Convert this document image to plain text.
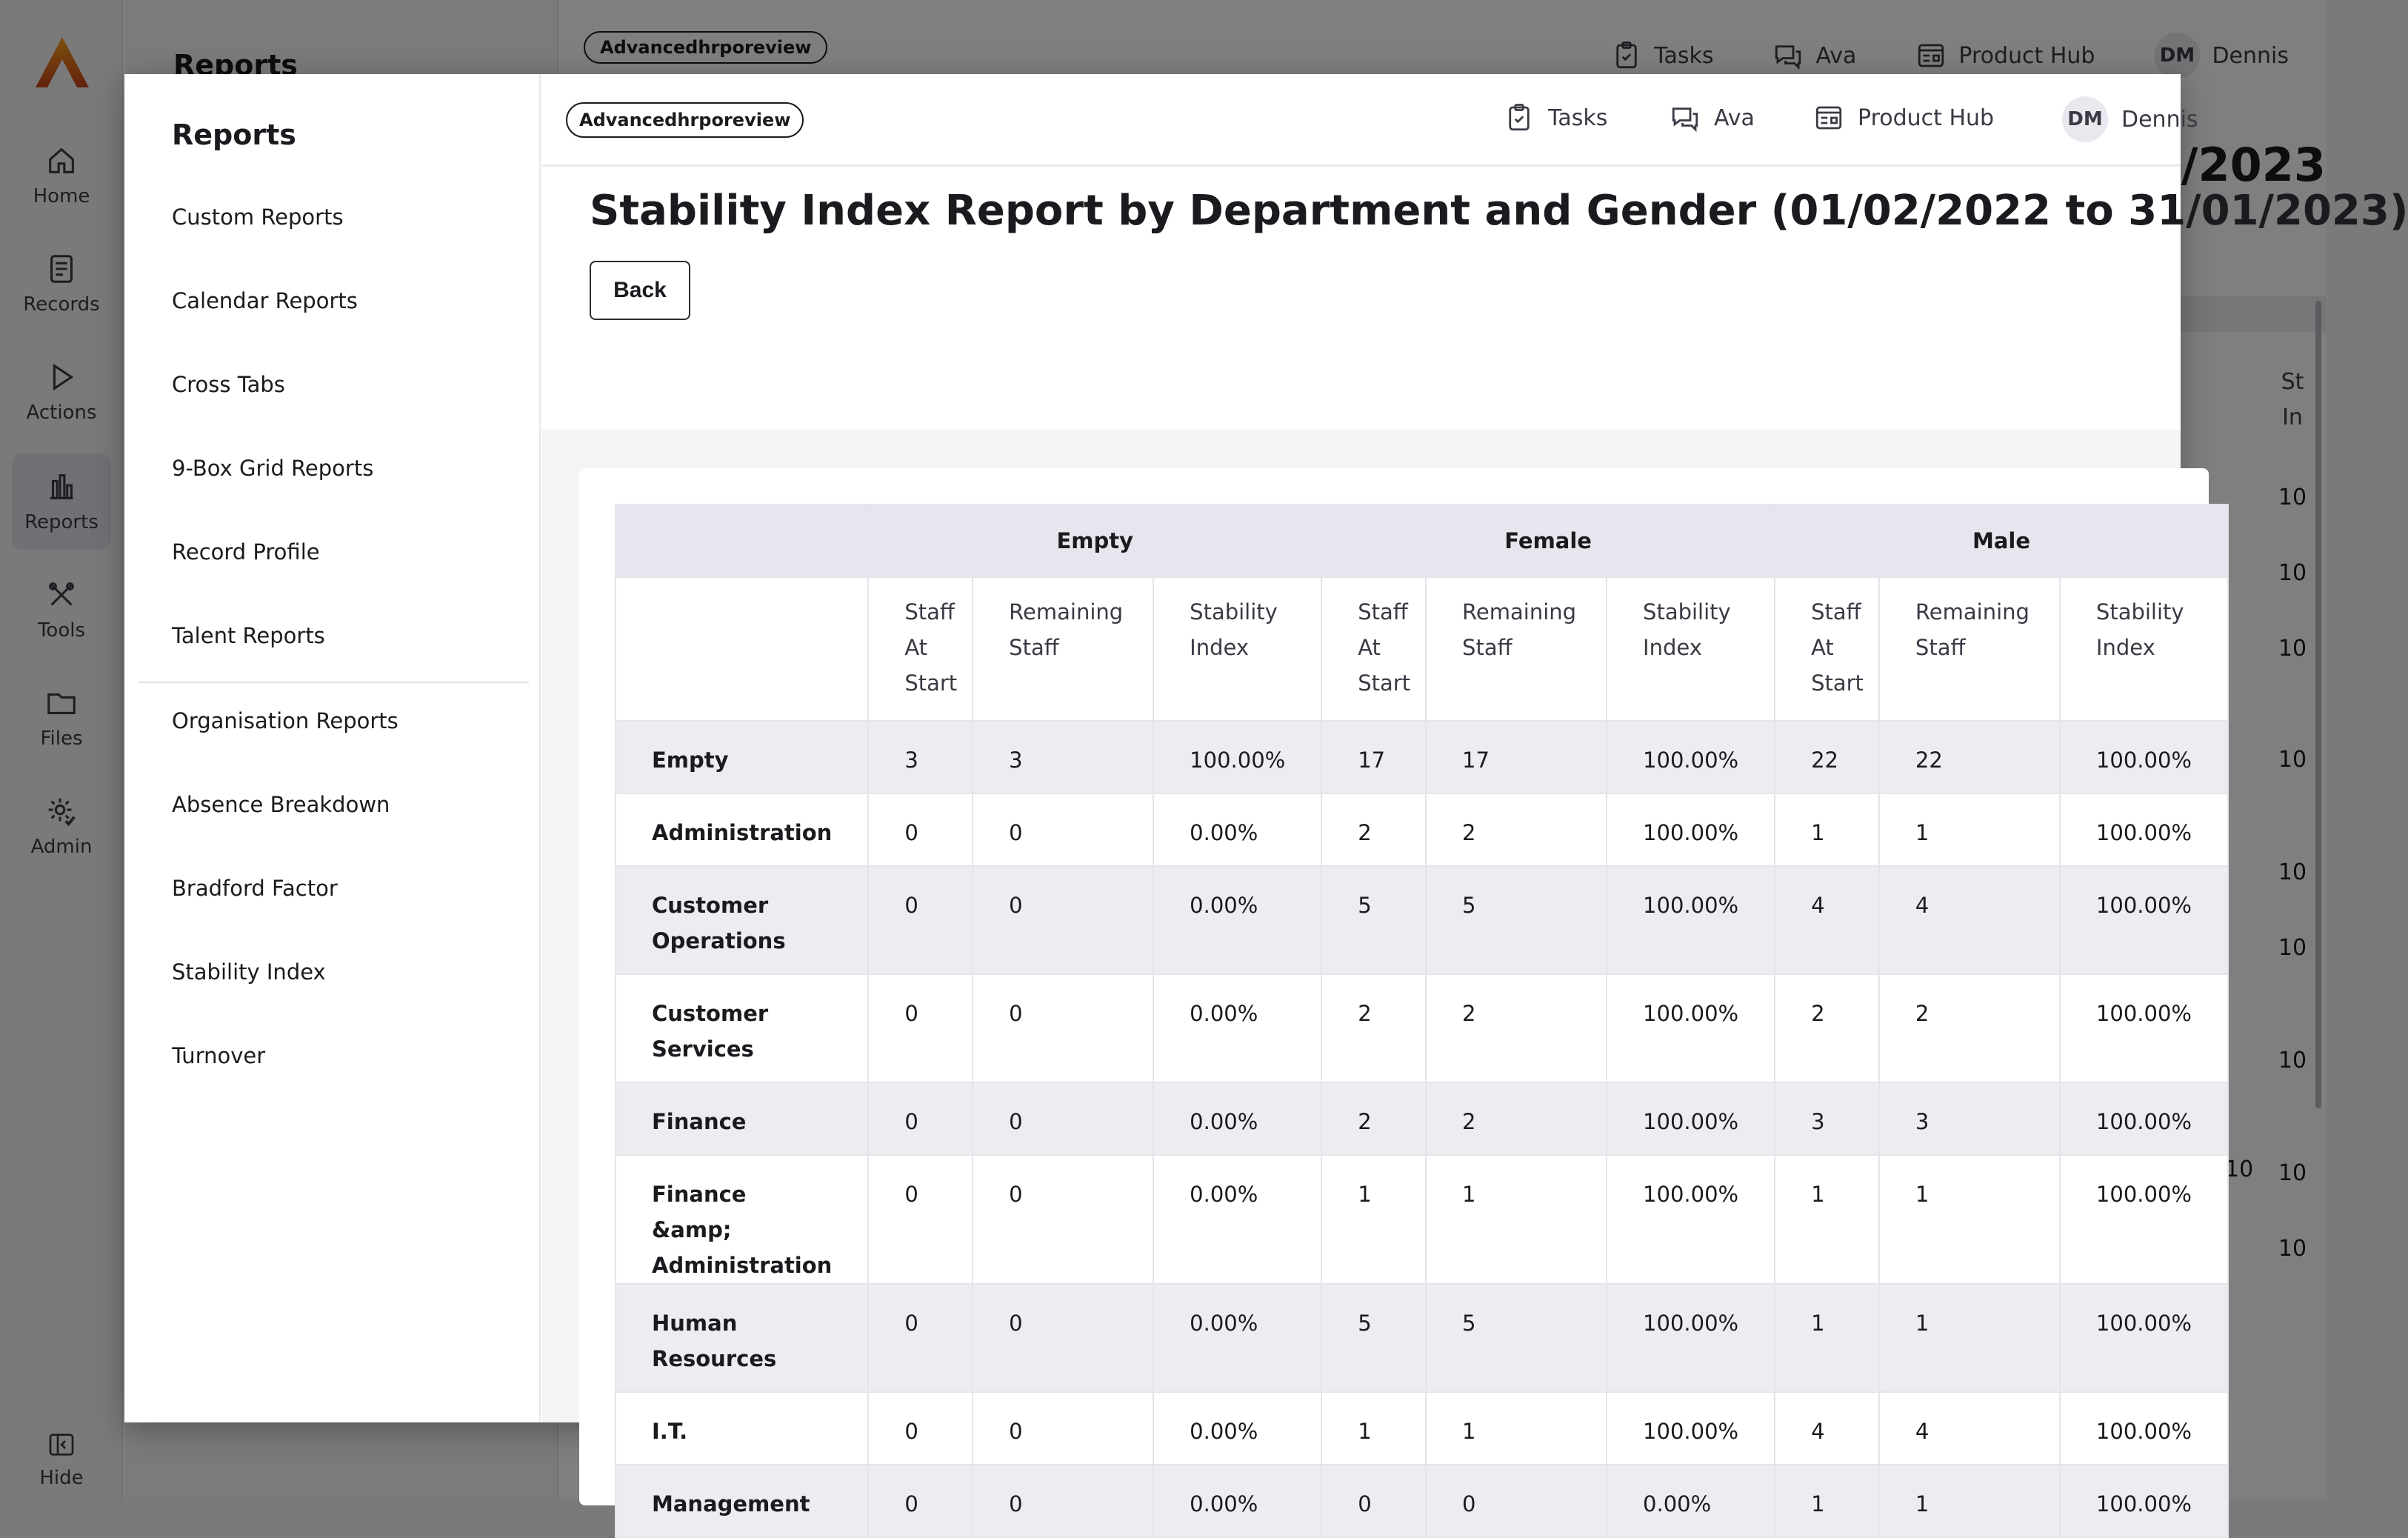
Reports
Custom Reports
Calendar Reports
Cross Tabs
9-Box Grid Reports
Record Profile
Talent Reports
Organisation Reports
Absence Breakdown
Bradford Factor
Stability Index
Turnover
Advancedhrporeview	Tasks	Ava	Product Hub	DM Dennis
Stability Index Report by Department and Gender (01/02/2022 to 31/01/2023)
Back
	Empty			Female			Male		
	Staff At Start	Remaining Staff	Stability Index	Staff At Start	Remaining Staff	Stability Index	Staff At Start	Remaining Staff	Stability Index
Empty	3	3	100.00%	17	17	100.00%	22	22	100.00%
Administration	0	0	0.00%	2	2	100.00%	1	1	100.00%
Customer Operations	0	0	0.00%	5	5	100.00%	4	4	100.00%
Customer Services	0	0	0.00%	2	2	100.00%	2	2	100.00%
Finance	0	0	0.00%	2	2	100.00%	3	3	100.00%
Finance &amp; Administration	0	0	0.00%	1	1	100.00%	1	1	100.00%
Human Resources	0	0	0.00%	5	5	100.00%	1	1	100.00%
I.T.	0	0	0.00%	1	1	100.00%	4	4	100.00%
Management	0	0	0.00%	0	0	0.00%	1	1	100.00%
